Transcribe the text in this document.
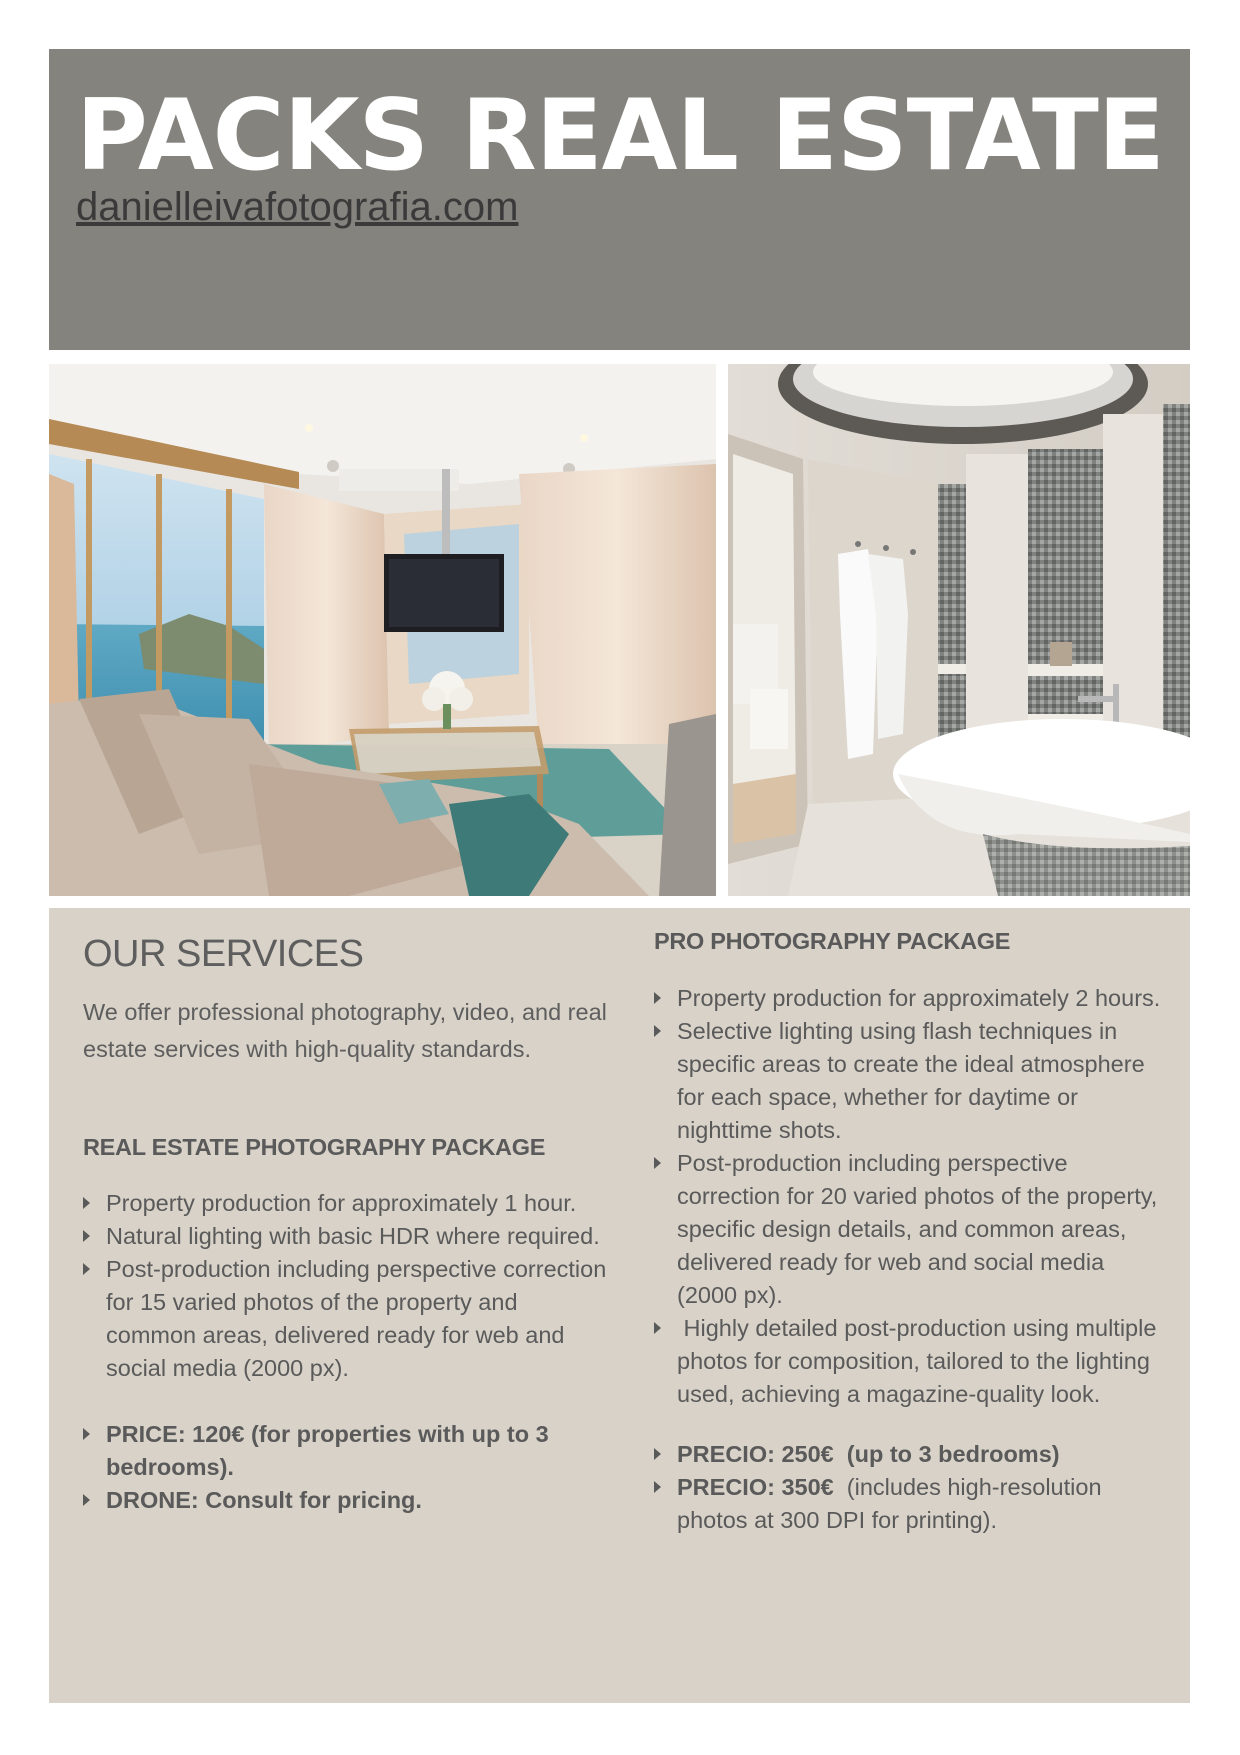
PACKS REAL ESTATE
danielleivafotografia.com
OUR SERVICES
We offer professional photography, video, and real estate services with high-quality standards.
REAL ESTATE PHOTOGRAPHY PACKAGE
Property production for approximately 1 hour.
Natural lighting with basic HDR where required.
Post-production including perspective correction for 15 varied photos of the property and common areas, delivered ready for web and social media (2000 px).
PRICE: 120€ (for properties with up to 3 bedrooms).
DRONE: Consult for pricing.
PRO PHOTOGRAPHY PACKAGE
Property production for approximately 2 hours.
Selective lighting using flash techniques in specific areas to create the ideal atmosphere for each space, whether for daytime or nighttime shots.
Post-production including perspective correction for 20 varied photos of the property, specific design details, and common areas, delivered ready for web and social media (2000 px).
Highly detailed post-production using multiple photos for composition, tailored to the lighting used, achieving a magazine-quality look.
PRECIO: 250€  (up to 3 bedrooms)
PRECIO: 350€  (includes high-resolution photos at 300 DPI for printing).
